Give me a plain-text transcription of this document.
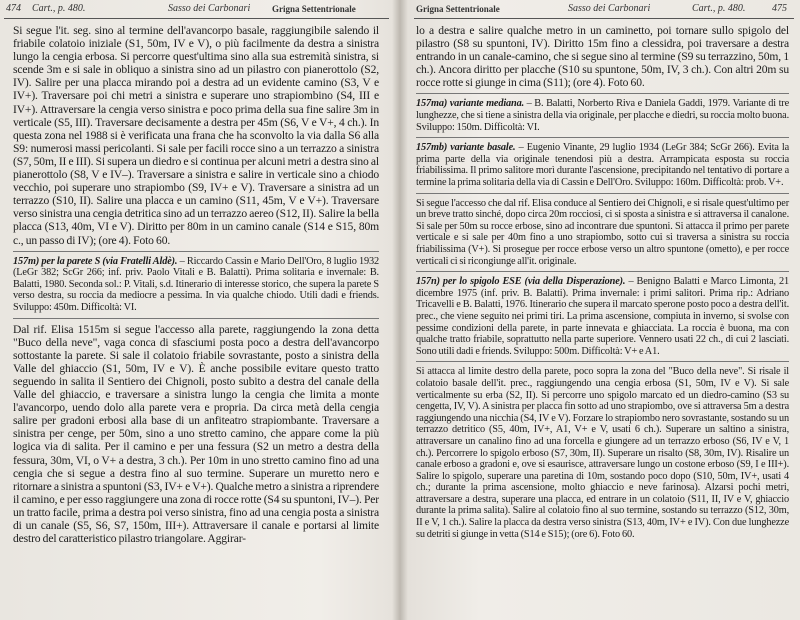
474 Cart., p. 480.	Sasso dei Carbonari Grigna Settentrionale

Si segue l'it. seg. sino al termine dell'avancorpo basale, raggiungibile salendo il friabile colatoio iniziale (S1, 50m, IV e V), o più facilmente da destra a sinistra lungo la cengia erbosa. Si percorre quest'ultima sino alla sua estremità sinistra, si scende 3m e si sale in obliquo a sinistra sino ad un pilastro con pianerottolo (S2, IV). Salire per una placca mirando poi a destra ad un evidente camino (S3, V e IV+). Traversare poi chi metri a sinistra e superare uno strapiombino (S4, III e IV+). Attraversare la cengia verso sinistra e poco prima della sua fine salire 3m in verticale (S5, III). Traversare decisamente a destra per 45m (S6, V e V+, 4 ch.). In questa zona nel 1988 si è verificata una frana che ha sconvolto la via dalla S6 alla S9: numerosi massi pericolanti. Si sale per facili rocce sino a un terrazzo a sinistra (S7, 50m, II e III). Si supera un diedro e si continua per alcuni metri a destra sino al pianerottolo (S8, V e IV–). Traversare a sinistra e salire in verticale sino a chiodo vecchio, poi superare uno strapiombo (S9, IV+ e V). Traversare a sinistra ad un terrazzo (S10, II). Salire una placca e un camino (S11, 45m, V e V+). Traversare verso sinistra una cengia detritica sino ad un terrazzo aereo (S12, II). Salire la bella placca (S13, 40m, VI e V). Diritto per 80m in un camino canale (S14 e S15, 80m c., un passo di IV); (ore 4). Foto 60.

157m) per la parete S (via Fratelli Aldè). – Riccardo Cassin e Mario Dell'Oro, 8 luglio 1932 (LeGr 382; ScGr 266; inf. priv. Paolo Vitali e B. Balatti). Prima solitaria e invernale: B. Balatti, 1980. Seconda sol.: P. Vitali, s.d. Itinerario di interesse storico, che supera la parete S verso destra, su roccia da mediocre a pessima. In via qualche chiodo. Utili dadi e friends. Sviluppo: 450m. Difficoltà: VI.

Dal rif. Elisa 1515m si segue l'accesso alla parete, raggiungendo la zona detta "Buco della neve", vaga conca di sfasciumi posta poco a destra dell'avancorpo sottostante la parete. Si sale il colatoio friabile sovrastante, posto a sinistra della Valle del ghiaccio (S1, 50m, IV e V). È anche possibile evitare questo tratto seguendo in salita il Sentiero dei Chignoli, posto subito a destra del canale della Valle del ghiaccio, e traversare a sinistra lungo la cengia che limita a monte l'avancorpo, uendo dolo alla parete vera e propria. Da circa metà della cengia salire per gradoni erbosi alla base di un anfiteatro strapiombante. Traversare a sinistra per cenge, per 50m, sino a uno stretto camino, che appare come la più logica via di salita. Per il camino e per una fessura (S2 un metro a destra della fessura, 30m, VI, o V+ a destra, 3 ch.). Per 10m in uno stretto camino fino ad una cengia che si segue a destra fino al suo termine. Superare un muretto nero e ritornare a sinistra a spuntoni (S3, IV+ e V+). Qualche metro a sinistra a riprendere il camino, e per esso raggiungere una zona di rocce rotte (S4 su spuntoni, IV–). Per un tratto facile, prima a destra poi verso sinistra, fino ad una cengia posta a sinistra di un canale (S5, S6, S7, 150m, III+). Attraversare il canale e portarsi al limite destro del caratteristico pilastro triangolare. Aggirar-

Grigna Settentrionale	Sasso dei Carbonari	Cart., p. 480.	475

lo a destra e salire qualche metro in un caminetto, poi tornare sullo spigolo del pilastro (S8 su spuntoni, IV). Diritto 15m fino a clessidra, poi traversare a destra entrando in un canale-camino, che si segue sino al termine (S9 su terrazzino, 50m, 1 ch.). Ancora diritto per placche (S10 su spuntone, 50m, IV, 3 ch.). Con altri 20m su rocce rotte si giunge in cima (S11); (ore 4). Foto 60.

157ma) variante mediana. – B. Balatti, Norberto Riva e Daniela Gaddi, 1979. Variante di tre lunghezze, che si tiene a sinistra della via originale, per placche e diedri, su roccia molto buona. Sviluppo: 150m. Difficoltà: VI.

157mb) variante basale. – Eugenio Vinante, 29 luglio 1934 (LeGr 384; ScGr 266). Evita la prima parte della via originale tenendosi più a destra. Arrampicata esposta su roccia friabilissima. Il primo salitore morì durante l'ascensione, precipitando nel tentativo di portare a termine la prima solitaria della via di Cassin e Dell'Oro. Sviluppo: 160m. Difficoltà: prob. V+.

Si segue l'accesso che dal rif. Elisa conduce al Sentiero dei Chignoli, e si risale quest'ultimo per un breve tratto sinché, dopo circa 20m rocciosi, ci si sposta a sinistra e si attraversa il canalone. Si sale per 50m su rocce erbose, sino ad incontrare due spuntoni. Si attacca il primo per parete verticale e si sale per 40m fino a uno strapiombo, sotto cui si traversa a sinistra su roccia friabilissima (V+). Si prosegue per rocce erbose verso un altro spuntone (ometto), e per rocce verticali ci si ricongiunge all'it. originale.

157n) per lo spigolo ESE (via della Disperazione). – Benigno Balatti e Marco Limonta, 21 dicembre 1975 (inf. priv. B. Balatti). Prima invernale: i primi salitori. Prima rip.: Adriano Tricavelli e B. Balatti, 1976. Itinerario che supera il marcato sperone posto poco a destra dell'it. prec., che viene seguito nei primi tiri. La prima ascensione, compiuta in inverno, si svolse con pessime condizioni della parete, in parte innevata e ghiacciata. La roccia è buona, ma con qualche tratto friabile, soprattutto nella parte superiore. Vennero usati 22 ch., di cui 2 lasciati. Sono utili dadi e friends. Sviluppo: 500m. Difficoltà: V+ e A1.

Si attacca al limite destro della parete, poco sopra la zona del "Buco della neve". Si risale il colatoio basale dell'it. prec., raggiungendo una cengia erbosa (S1, 50m, IV e V). Si sale verticalmente su erba (S2, II). Si percorre uno spigolo marcato ed un diedro-camino (S3 su cengetta, IV, V). A sinistra per placca fin sotto ad uno strapiombo, ove si attraversa 5m a destra raggiungendo una nicchia (S4, IV e V). Forzare lo strapiombo nero sovrastante, sostando su un terrazzo detritico (S5, 40m, IV+, A1, V+ e V, usati 6 ch.). Superare un saltino a sinistra, attraversare un canalino fino ad una forcella e giungere ad un terrazzo erboso (S6, IV e V, 1 ch.). Percorrere lo spigolo erboso (S7, 30m, II). Superare un risalto (S8, 30m, IV). Risalire un canale erboso a gradoni e, ove si esaurisce, attraversare lungo un costone erboso (S9, I e III+). Salire lo spigolo, superare una paretina di 10m, sostando poco dopo (S10, 50m, IV+, usati 4 ch.; durante la prima ascensione, molto ghiaccio e neve farinosa). Alzarsi pochi metri, attraversare a destra, superare una placca, ed entrare in un colatoio (S11, II, IV e V, ghiaccio durante la prima salita). Salire al colatoio fino al suo termine, sostando su terrazzo (S12, 30m, II e V, 1 ch.). Salire la placca da destra verso sinistra (S13, 40m, IV+ e IV). Con due lunghezze su detriti si giunge in vetta (S14 e S15); (ore 6). Foto 60.
